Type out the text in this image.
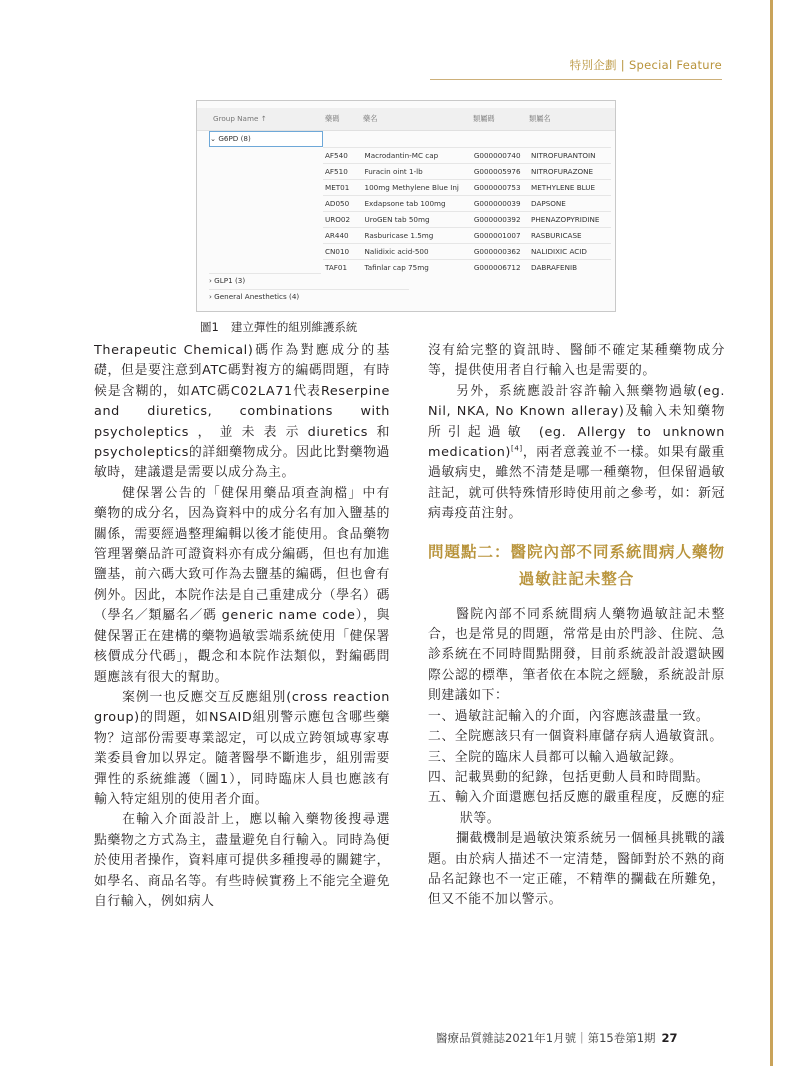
特別企劃 | Special Feature
Group Name ↑	藥碼	藥名	類屬碼	類屬名
⌄ G6PD (8)
AF540	Macrodantin-MC cap	G000000740	NITROFURANTOIN
AF510	Furacin oint 1-lb	G000005976	NITROFURAZONE
MET01	100mg Methylene Blue Inj	G000000753	METHYLENE BLUE
AD050	Exdapsone tab 100mg	G000000039	DAPSONE
URO02	UroGEN tab 50mg	G000000392	PHENAZOPYRIDINE
AR440	Rasburicase 1.5mg	G000001007	RASBURICASE
CN010	Nalidixic acid-500	G000000362	NALIDIXIC ACID
TAF01	Tafinlar cap 75mg	G000006712	DABRAFENIB
› GLP1 (3)
› General Anesthetics (4)
圖1 建立彈性的組別維護系統

Therapeutic Chemical)碼作為對應成分的基礎，但是要注意到ATC碼對複方的編碼問題，有時候是含糊的，如ATC碼C02LA71代表Reserpine and diuretics, combinations with psycholeptics，並未表示diuretics和psycholeptics的詳細藥物成分。因此比對藥物過敏時，建議還是需要以成分為主。

健保署公告的「健保用藥品項查詢檔」中有藥物的成分名，因為資料中的成分名有加入鹽基的關係，需要經過整理編輯以後才能使用。食品藥物管理署藥品許可證資料亦有成分編碼，但也有加進鹽基，前六碼大致可作為去鹽基的編碼，但也會有例外。因此，本院作法是自己重建成分（學名）碼（學名／類屬名／碼 generic name code），與健保署正在建構的藥物過敏雲端系統使用「健保署核價成分代碼」，觀念和本院作法類似，對編碼問題應該有很大的幫助。

案例一也反應交互反應組別(cross reaction group)的問題，如NSAID組別警示應包含哪些藥物？這部份需要專業認定，可以成立跨領域專家專業委員會加以界定。隨著醫學不斷進步，組別需要彈性的系統維護（圖1），同時臨床人員也應該有輸入特定組別的使用者介面。

在輸入介面設計上，應以輸入藥物後搜尋選點藥物之方式為主，盡量避免自行輸入。同時為便於使用者操作，資料庫可提供多種搜尋的關鍵字，如學名、商品名等。有些時候實務上不能完全避免自行輸入，例如病人

沒有給完整的資訊時、醫師不確定某種藥物成分等，提供使用者自行輸入也是需要的。

另外，系統應設計容許輸入無藥物過敏(eg. Nil, NKA, No Known alleray)及輸入未知藥物所引起過敏 (eg. Allergy to unknown medication)[4]，兩者意義並不一樣。如果有嚴重過敏病史，雖然不清楚是哪一種藥物，但保留過敏註記，就可供特殊情形時使用前之參考，如：新冠病毒疫苗注射。

問題點二：醫院內部不同系統間病人藥物過敏註記未整合

醫院內部不同系統間病人藥物過敏註記未整合，也是常見的問題，常常是由於門診、住院、急診系統在不同時間點開發，目前系統設計設還缺國際公認的標準，筆者依在本院之經驗，系統設計原則建議如下：

一、過敏註記輸入的介面，內容應該盡量一致。

二、全院應該只有一個資料庫儲存病人過敏資訊。

三、全院的臨床人員都可以輸入過敏記錄。

四、記載異動的紀錄，包括更動人員和時間點。

五、輸入介面還應包括反應的嚴重程度，反應的症狀等。

攔截機制是過敏決策系統另一個極具挑戰的議題。由於病人描述不一定清楚，醫師對於不熟的商品名記錄也不一定正確，不精準的攔截在所難免，但又不能不加以警示。

醫療品質雜誌2021年1月號｜第15卷第1期 27
